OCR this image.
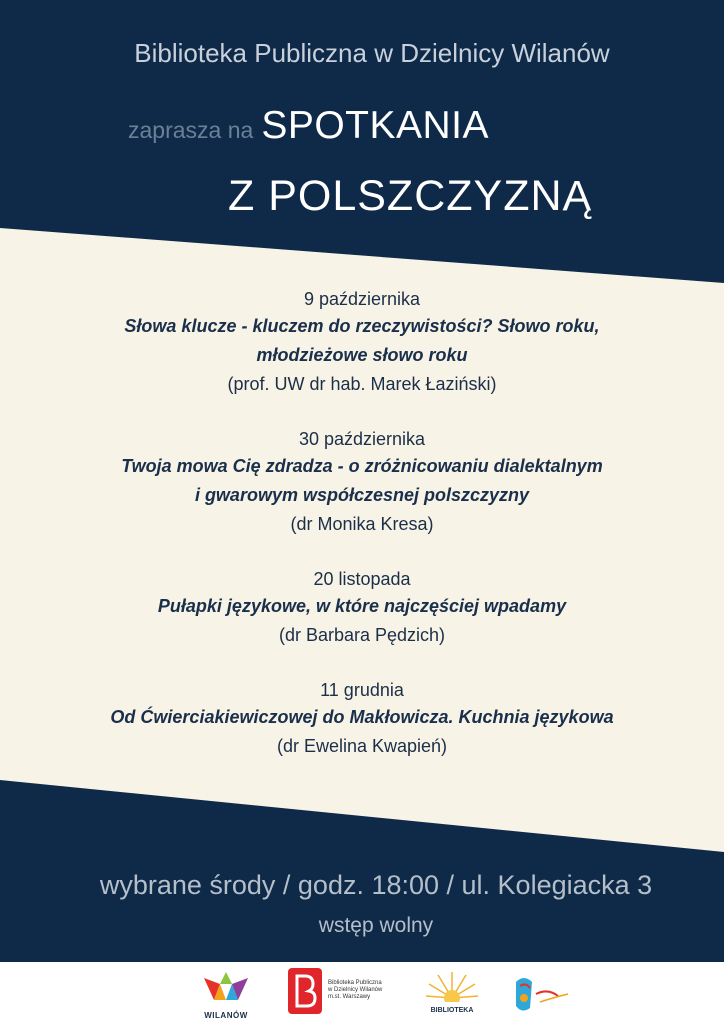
Biblioteka Publiczna w Dzielnicy Wilanów
zaprasza na SPOTKANIA
Z POLSZCZYZNĄ
9 października
Słowa klucze - kluczem do rzeczywistości? Słowo roku,
młodzieżowe słowo roku
(prof. UW dr hab. Marek Łaziński)
30 października
Twoja mowa Cię zdradza - o zróżnicowaniu dialektalnym
i gwarowym współczesnej polszczyzny
(dr Monika Kresa)
20 listopada
Pułapki językowe, w które najczęściej wpadamy
(dr Barbara Pędzich)
11 grudnia
Od Ćwierciakiewiczowej do Makłowicza. Kuchnia językowa
(dr Ewelina Kwapień)
wybrane środy / godz. 18:00 / ul. Kolegiacka 3
wstęp wolny
WILANÓW
Biblioteka Publiczna
w Dzielnicy Wilanów
m.st. Warszawy
BIBLIOTEKA
